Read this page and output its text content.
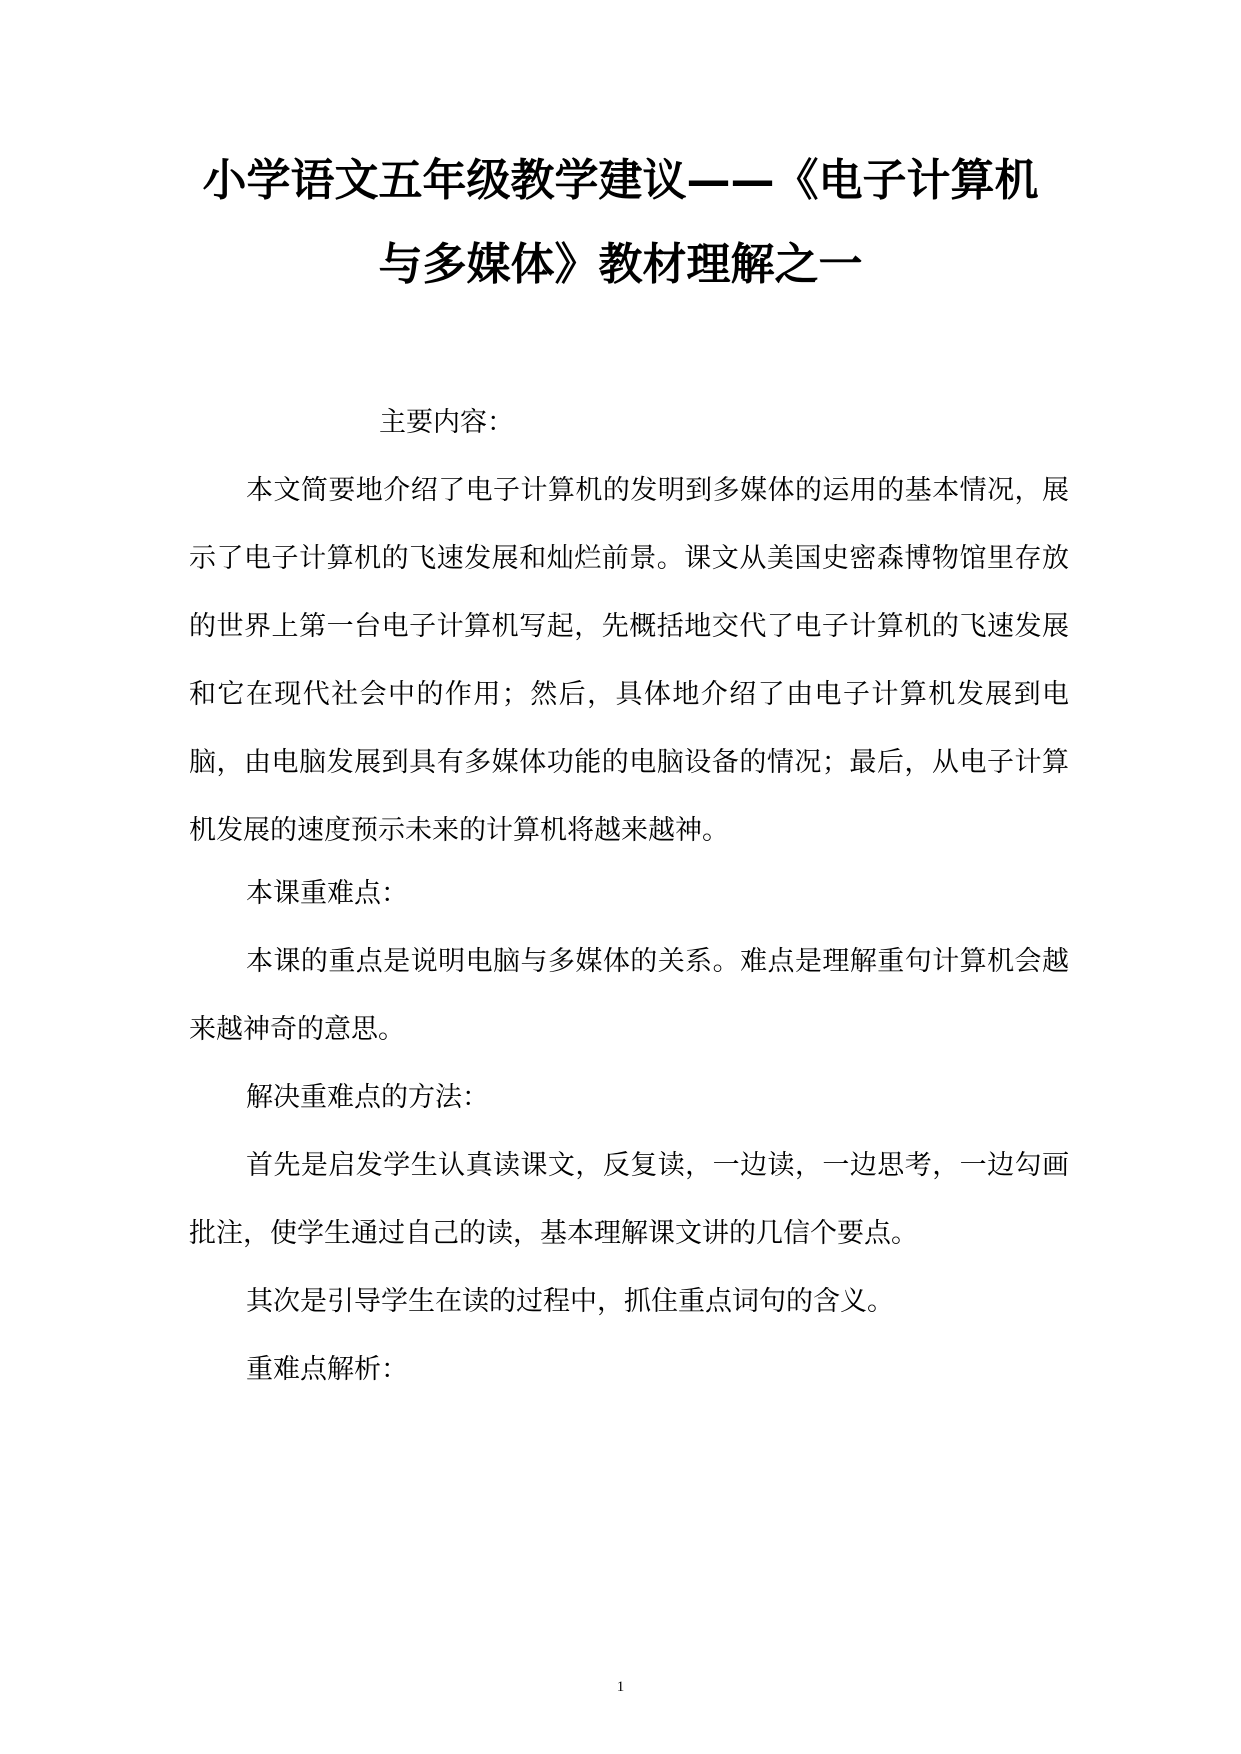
小学语文五年级教学建议——《电子计算机
与多媒体》教材理解之一

主要内容：

本文简要地介绍了电子计算机的发明到多媒体的运用的基本情况，展示了电子计算机的飞速发展和灿烂前景。课文从美国史密森博物馆里存放的世界上第一台电子计算机写起，先概括地交代了电子计算机的飞速发展和它在现代社会中的作用；然后，具体地介绍了由电子计算机发展到电脑，由电脑发展到具有多媒体功能的电脑设备的情况；最后，从电子计算机发展的速度预示未来的计算机将越来越神。

本课重难点：

本课的重点是说明电脑与多媒体的关系。难点是理解重句计算机会越来越神奇的意思。

解决重难点的方法：

首先是启发学生认真读课文，反复读，一边读，一边思考，一边勾画批注，使学生通过自己的读，基本理解课文讲的几信个要点。

其次是引导学生在读的过程中，抓住重点词句的含义。

重难点解析：

1
